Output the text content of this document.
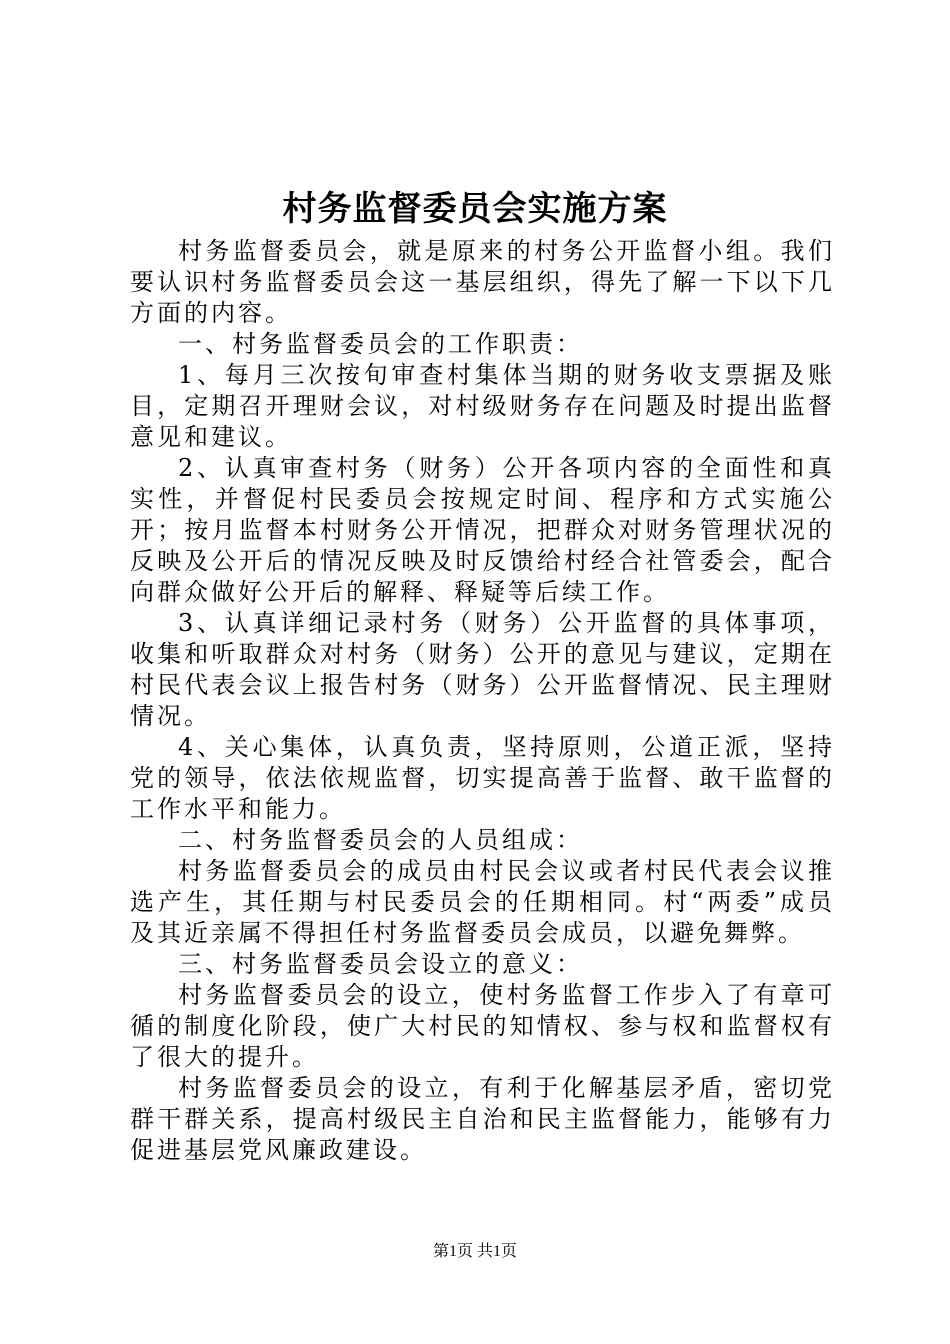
村务监督委员会实施方案

村务监督委员会，就是原来的村务公开监督小组。我们要认识村务监督委员会这一基层组织，得先了解一下以下几方面的内容。

一、村务监督委员会的工作职责：

1、每月三次按旬审查村集体当期的财务收支票据及账目，定期召开理财会议，对村级财务存在问题及时提出监督意见和建议。

2、认真审查村务（财务）公开各项内容的全面性和真实性，并督促村民委员会按规定时间、程序和方式实施公开；按月监督本村财务公开情况，把群众对财务管理状况的反映及公开后的情况反映及时反馈给村经合社管委会，配合向群众做好公开后的解释、释疑等后续工作。

3、认真详细记录村务（财务）公开监督的具体事项，收集和听取群众对村务（财务）公开的意见与建议，定期在村民代表会议上报告村务（财务）公开监督情况、民主理财情况。

4、关心集体，认真负责，坚持原则，公道正派，坚持党的领导，依法依规监督，切实提高善于监督、敢干监督的工作水平和能力。

二、村务监督委员会的人员组成：

村务监督委员会的成员由村民会议或者村民代表会议推选产生，其任期与村民委员会的任期相同。村“两委”成员及其近亲属不得担任村务监督委员会成员，以避免舞弊。

三、村务监督委员会设立的意义：

村务监督委员会的设立，使村务监督工作步入了有章可循的制度化阶段，使广大村民的知情权、参与权和监督权有了很大的提升。

村务监督委员会的设立，有利于化解基层矛盾，密切党群干群关系，提高村级民主自治和民主监督能力，能够有力促进基层党风廉政建设。

第1页 共1页
